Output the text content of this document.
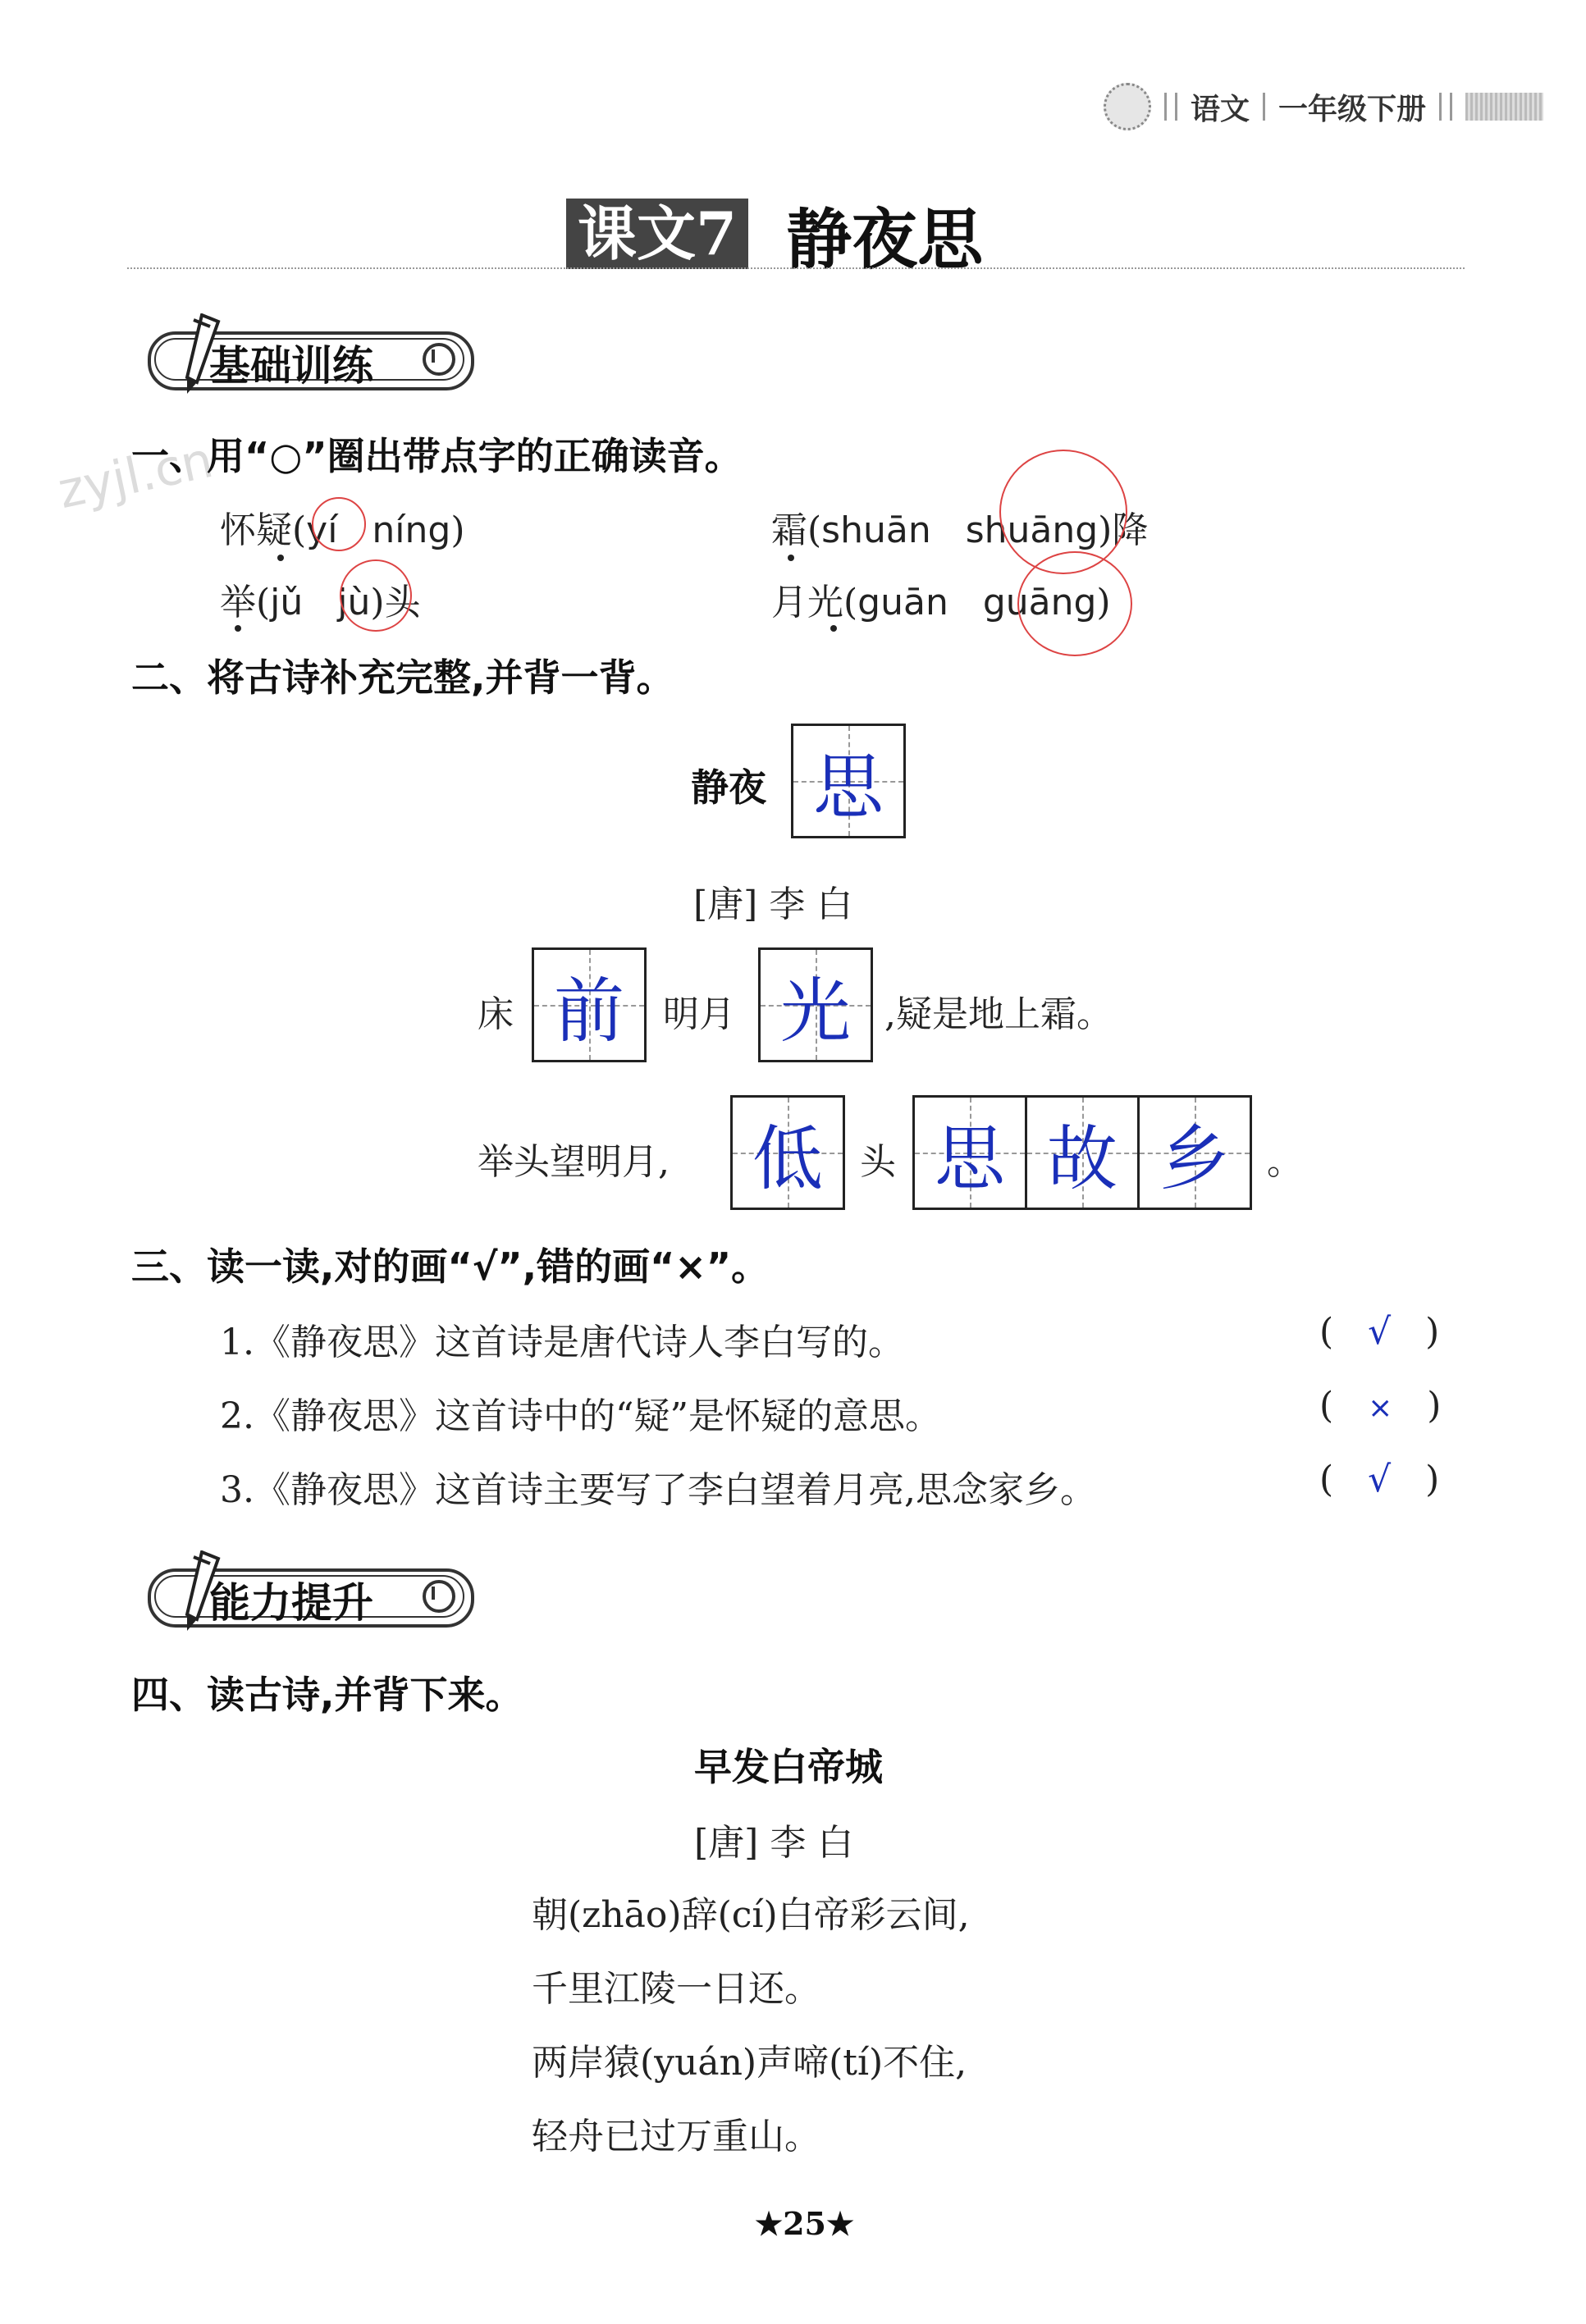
zyjl.cn
语文 一年级下册
课文7 静夜思
基础训练
一、用“○”圈出带点字的正确读音。
怀疑(yí níng)	霜(shuān shuāng)降
举(jǔ jù)头	月光(guān guāng)
二、将古诗补充完整,并背一背。
静夜 思
[唐] 李 白
床 前	明月 光 ,疑是地上霜。
举头望明月, 低	头 思 故 乡	。
三、读一读,对的画“√”,错的画“×”。
1.《静夜思》这首诗是唐代诗人李白写的。	(   √   )
2.《静夜思》这首诗中的“疑”是怀疑的意思。	(   ×   )
3.《静夜思》这首诗主要写了李白望着月亮,思念家乡。	(   √   )
能力提升
四、读古诗,并背下来。
早发白帝城
[唐] 李 白
朝(zhāo)辞(cí)白帝彩云间,
千里江陵一日还。
两岸猿(yuán)声啼(tí)不住,
轻舟已过万重山。
★25★
